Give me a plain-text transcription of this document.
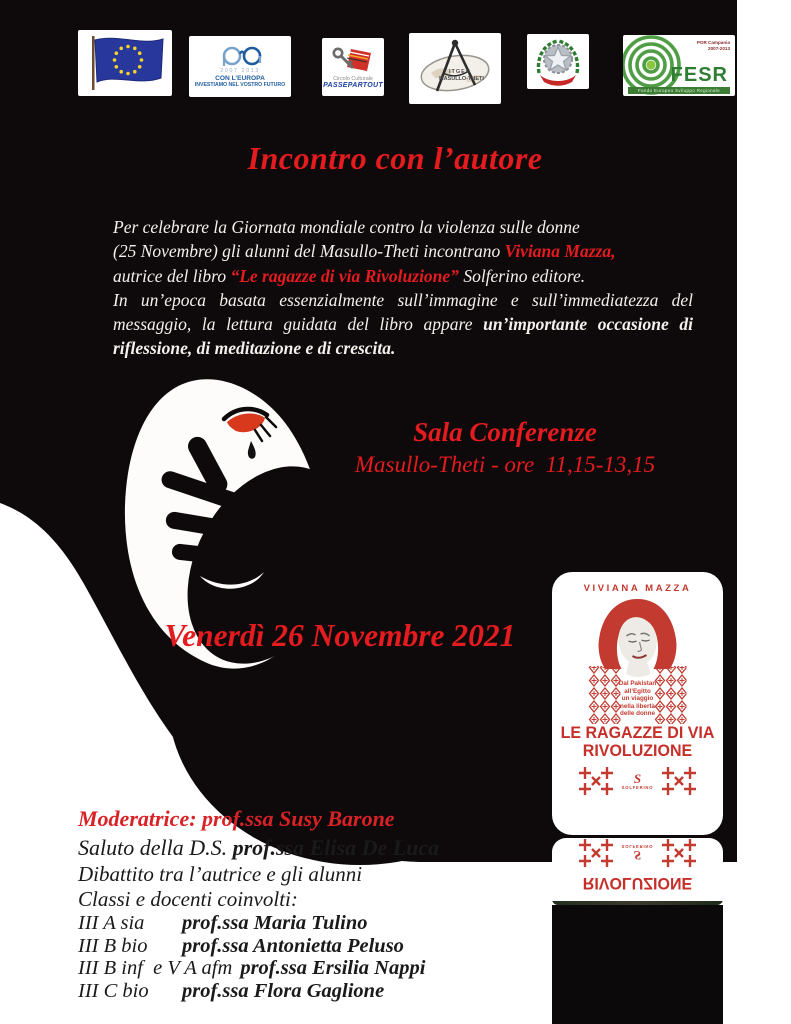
2007 2013
CON L’EUROPA
INVESTIAMO NEL VOSTRO FUTURO
Circolo Culturale
PASSEPARTOUT
ITGEG
MASULLO-THETI
POR Campania
2007-2013
FESR
Fondo Europeo Sviluppo Regionale
Incontro con l’autore
Per celebrare la Giornata mondiale contro la violenza sulle donne
(25 Novembre) gli alunni del Masullo-Theti incontrano Viviana Mazza,
autrice del libro “Le ragazze di via Rivoluzione” Solferino editore.
In un’epoca basata essenzialmente sull’immagine e sull’immediatezza del
messaggio, la lettura guidata del libro appare un’importante occasione di
riflessione, di meditazione e di crescita.
Sala Conferenze
Masullo-Theti - ore  11,15-13,15
Venerdì 26 Novembre 2021
VIVIANA MAZZA
Dal Pakistan
all’Egitto
un viaggio
nella libertà
delle donne
LE RAGAZZE DI VIA
RIVOLUZIONE
S
SOLFERINO
RIVOLUZIONE
S
SOLFERINO
Moderatrice: prof.ssa Susy Barone
Saluto della D.S. prof.ssa Elisa De Luca
Dibattito tra l’autrice e gli alunni
Classi e docenti coinvolti:
III A sia prof.ssa Maria Tulino
III B bio prof.ssa Antonietta Peluso
III B inf  e V A afm prof.ssa Ersilia Nappi
III C bio prof.ssa Flora Gaglione
